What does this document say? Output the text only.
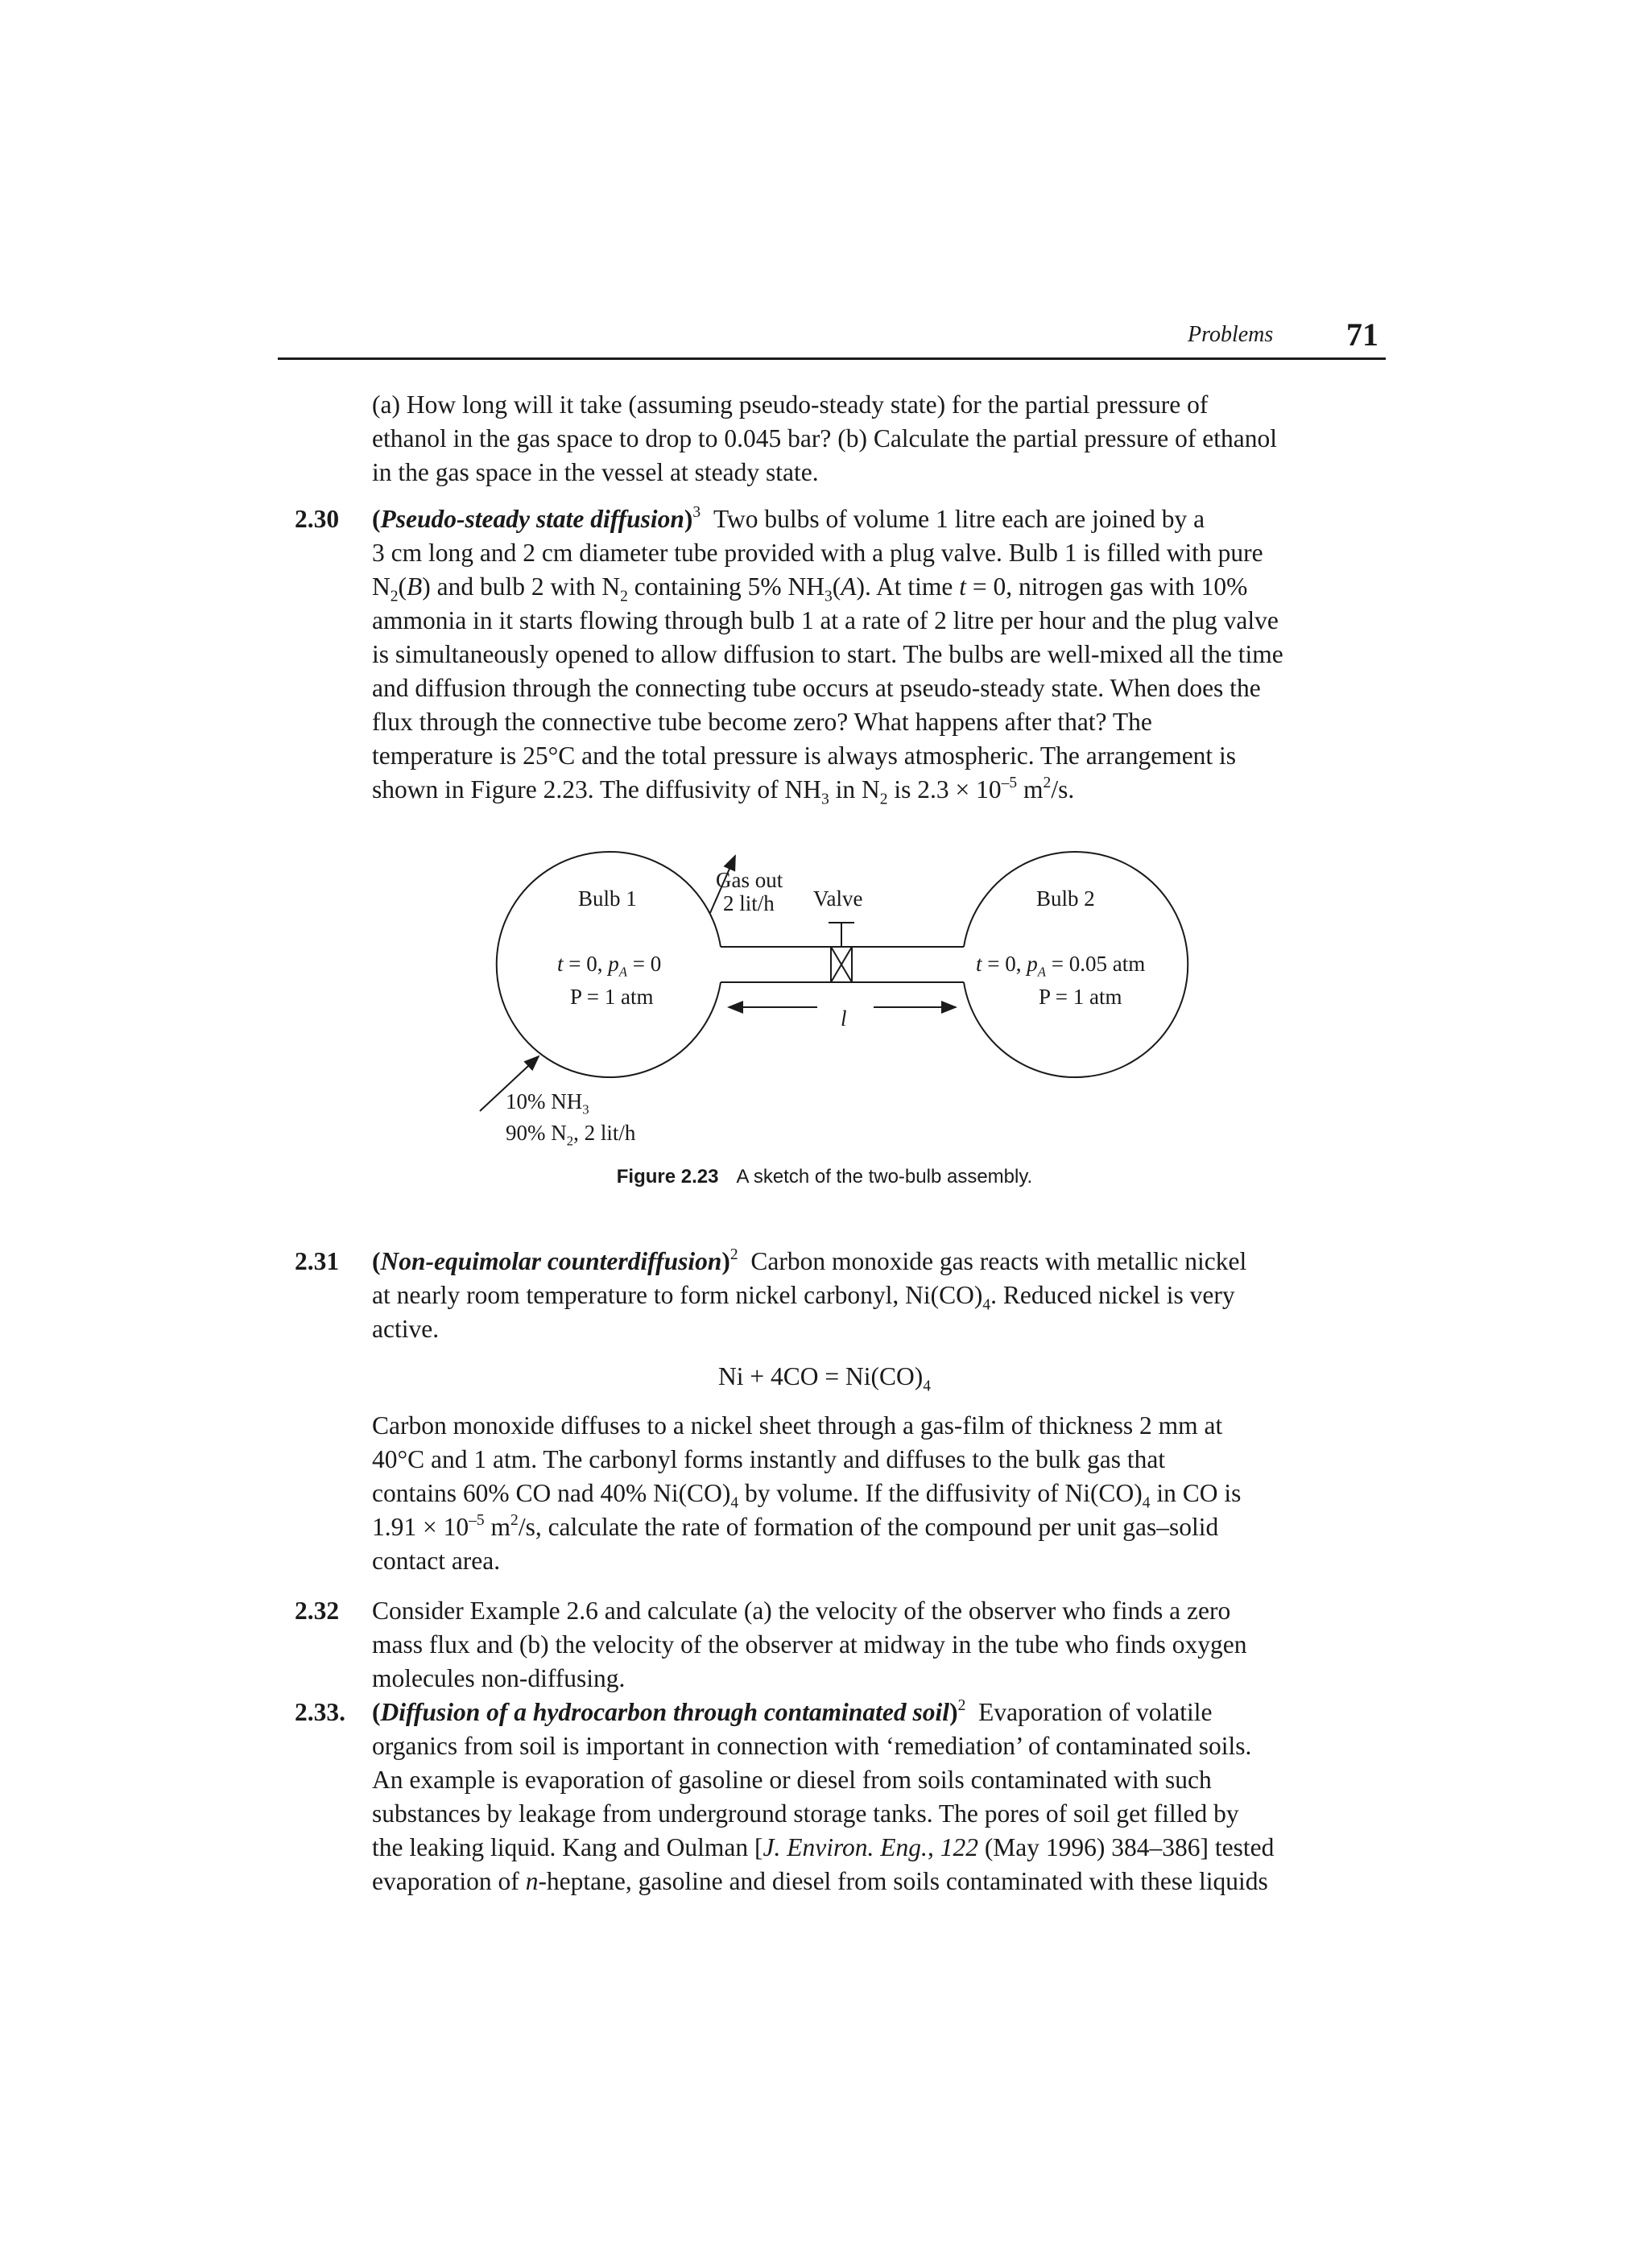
Problems 71
(a) How long will it take (assuming pseudo-steady state) for the partial pressure of
ethanol in the gas space to drop to 0.045 bar? (b) Calculate the partial pressure of ethanol
in the gas space in the vessel at steady state.
2.30 (Pseudo-steady state diffusion)$^3$ Two bulbs of volume 1 litre each are joined by a
3 cm long and 2 cm diameter tube provided with a plug valve. Bulb 1 is filled with pure
$N_2(B)$ and bulb 2 with $N_2$ containing 5% $NH_3(A)$. At time t = 0, nitrogen gas with 10%
ammonia in it starts flowing through bulb 1 at a rate of 2 litre per hour and the plug valve
is simultaneously opened to allow diffusion to start. The bulbs are well-mixed all the time
and diffusion through the connecting tube occurs at pseudo-steady state. When does the
flux through the connective tube become zero? What happens after that? The
temperature is 25°C and the total pressure is always atmospheric. The arrangement is
shown in Figure 2.23. The diffusivity of $NH_3$ in $N_2$ is $2.3 \times 10^{-5}$ $m^2/s$.
Bulb 1	Bulb 2
Gas out
2 lit/h Valve
t = 0, $p_A = 0$
P = 1 atm
t = 0, $p_A = 0.05$ atm
P = 1 atm
l
10% $NH_3$
90% $N_2$, 2 lit/h
Figure 2.23 A sketch of the two-bulb assembly.
2.31 (Non-equimolar counterdiffusion)$^2$ Carbon monoxide gas reacts with metallic nickel
at nearly room temperature to form nickel carbonyl, $Ni(CO)_4$. Reduced nickel is very
active.
$Ni + 4CO = Ni(CO)_4$
Carbon monoxide diffuses to a nickel sheet through a gas-film of thickness 2 mm at
40°C and 1 atm. The carbonyl forms instantly and diffuses to the bulk gas that
contains 60% CO nad 40% $Ni(CO)_4$ by volume. If the diffusivity of $Ni(CO)_4$ in CO is
$1.91 \times 10^{-5}$ $m^2/s$, calculate the rate of formation of the compound per unit gas–solid
contact area.
2.32 Consider Example 2.6 and calculate (a) the velocity of the observer who finds a zero
mass flux and (b) the velocity of the observer at midway in the tube who finds oxygen
molecules non-diffusing.
2.33. (Diffusion of a hydrocarbon through contaminated soil)$^2$ Evaporation of volatile
organics from soil is important in connection with ‘remediation’ of contaminated soils.
An example is evaporation of gasoline or diesel from soils contaminated with such
substances by leakage from underground storage tanks. The pores of soil get filled by
the leaking liquid. Kang and Oulman [J. Environ. Eng., 122 (May 1996) 384–386] tested
evaporation of n-heptane, gasoline and diesel from soils contaminated with these liquids
